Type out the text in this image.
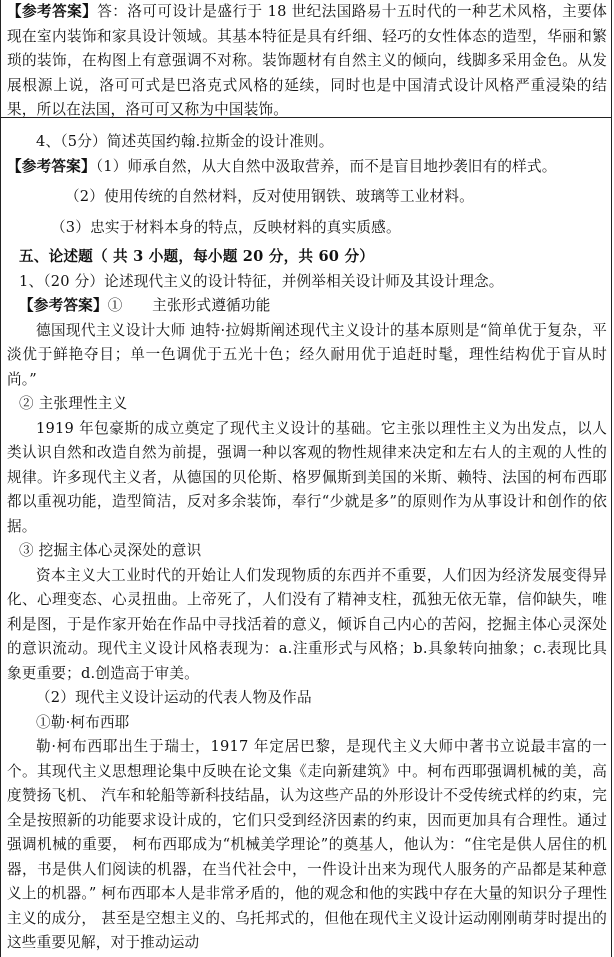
【参考答案】答：洛可可设计是盛行于 18 世纪法国路易十五时代的一种艺术风格，主要体现在室内装饰和家具设计领域。其基本特征是具有纤细、轻巧的女性体态的造型，华丽和繁琐的装饰，在构图上有意强调不对称。装饰题材有自然主义的倾向，线脚多采用金色。从发展根源上说，洛可可式是巴洛克式风格的延续，同时也是中国清式设计风格严重浸染的结果，所以在法国，洛可可又称为中国装饰。

4、（5分）简述英国约翰.拉斯金的设计准则。

【参考答案】（1）师承自然，从大自然中汲取营养，而不是盲目地抄袭旧有的样式。

（2）使用传统的自然材料，反对使用钢铁、玻璃等工业材料。

（3）忠实于材料本身的特点，反映材料的真实质感。

五、论述题（ 共 3 小题，每小题 20 分，共 60 分）

1、（20 分）论述现代主义的设计特征，并例举相关设计师及其设计理念。

【参考答案】①　　主张形式遵循功能

德国现代主义设计大师 迪特·拉姆斯阐述现代主义设计的基本原则是“简单优于复杂，平淡优于鲜艳夺目；单一色调优于五光十色；经久耐用优于追赶时髦，理性结构优于盲从时尚。”

② 主张理性主义

1919 年包豪斯的成立奠定了现代主义设计的基础。它主张以理性主义为出发点，以人类认识自然和改造自然为前提，强调一种以客观的物性规律来决定和左右人的主观的人性的规律。许多现代主义者，从德国的贝伦斯、格罗佩斯到美国的米斯、赖特、法国的柯布西耶都以重视功能，造型简洁，反对多余装饰，奉行“少就是多”的原则作为从事设计和创作的依据。

③ 挖掘主体心灵深处的意识

资本主义大工业时代的开始让人们发现物质的东西并不重要，人们因为经济发展变得异化、心理变态、心灵扭曲。上帝死了，人们没有了精神支柱，孤独无依无靠，信仰缺失，唯利是图，于是作家开始在作品中寻找活着的意义，倾诉自己内心的苦闷，挖掘主体心灵深处的意识流动。现代主义设计风格表现为：a.注重形式与风格；b.具象转向抽象；c.表现比具象更重要；d.创造高于审美。

（2）现代主义设计运动的代表人物及作品

①勒·柯布西耶

勒·柯布西耶出生于瑞士，1917 年定居巴黎，是现代主义大师中著书立说最丰富的一个。其现代主义思想理论集中反映在论文集《走向新建筑》中。柯布西耶强调机械的美，高度赞扬飞机、 汽车和轮船等新科技结晶，认为这些产品的外形设计不受传统式样的约束，完全是按照新的功能要求设计成的，它们只受到经济因素的约束，因而更加具有合理性。通过强调机械的重要， 柯布西耶成为“机械美学理论”的奠基人，他认为：“住宅是供人居住的机器，书是供人们阅读的机器，在当代社会中，一件设计出来为现代人服务的产品都是某种意义上的机器。” 柯布西耶本人是非常矛盾的，他的观念和他的实践中存在大量的知识分子理性主义的成分， 甚至是空想主义的、乌托邦式的，但他在现代主义设计运动刚刚萌芽时提出的这些重要见解，对于推动运动
